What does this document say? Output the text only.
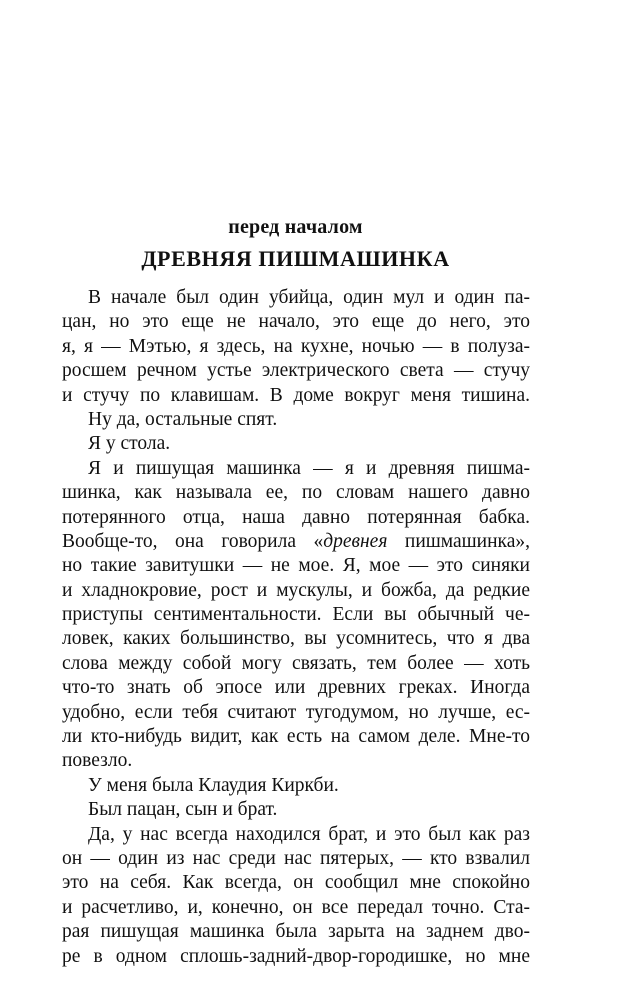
перед началом
ДРЕВНЯЯ ПИШМАШИНКА
В начале был один убийца, один мул и один па-
цан, но это еще не начало, это еще до него, это
я, я — Мэтью, я здесь, на кухне, ночью — в полуза-
росшем речном устье электрического света — стучу
и стучу по клавишам. В доме вокруг меня тишина.
Ну да, остальные спят.
Я у стола.
Я и пишущая машинка — я и древняя пишма-
шинка, как называла ее, по словам нашего давно
потерянного отца, наша давно потерянная бабка.
Вообще-то, она говорила «древнея пишмашинка»,
но такие завитушки — не мое. Я, мое — это синяки
и хладнокровие, рост и мускулы, и божба, да редкие
приступы сентиментальности. Если вы обычный че-
ловек, каких большинство, вы усомнитесь, что я два
слова между собой могу связать, тем более — хоть
что-то знать об эпосе или древних греках. Иногда
удобно, если тебя считают тугодумом, но лучше, ес-
ли кто-нибудь видит, как есть на самом деле. Мне-то
повезло.
У меня была Клаудия Киркби.
Был пацан, сын и брат.
Да, у нас всегда находился брат, и это был как раз
он — один из нас среди нас пятерых, — кто взвалил
это на себя. Как всегда, он сообщил мне спокойно
и расчетливо, и, конечно, он все передал точно. Ста-
рая пишущая машинка была зарыта на заднем дво-
ре в одном сплошь-задний-двор-городишке, но мне
